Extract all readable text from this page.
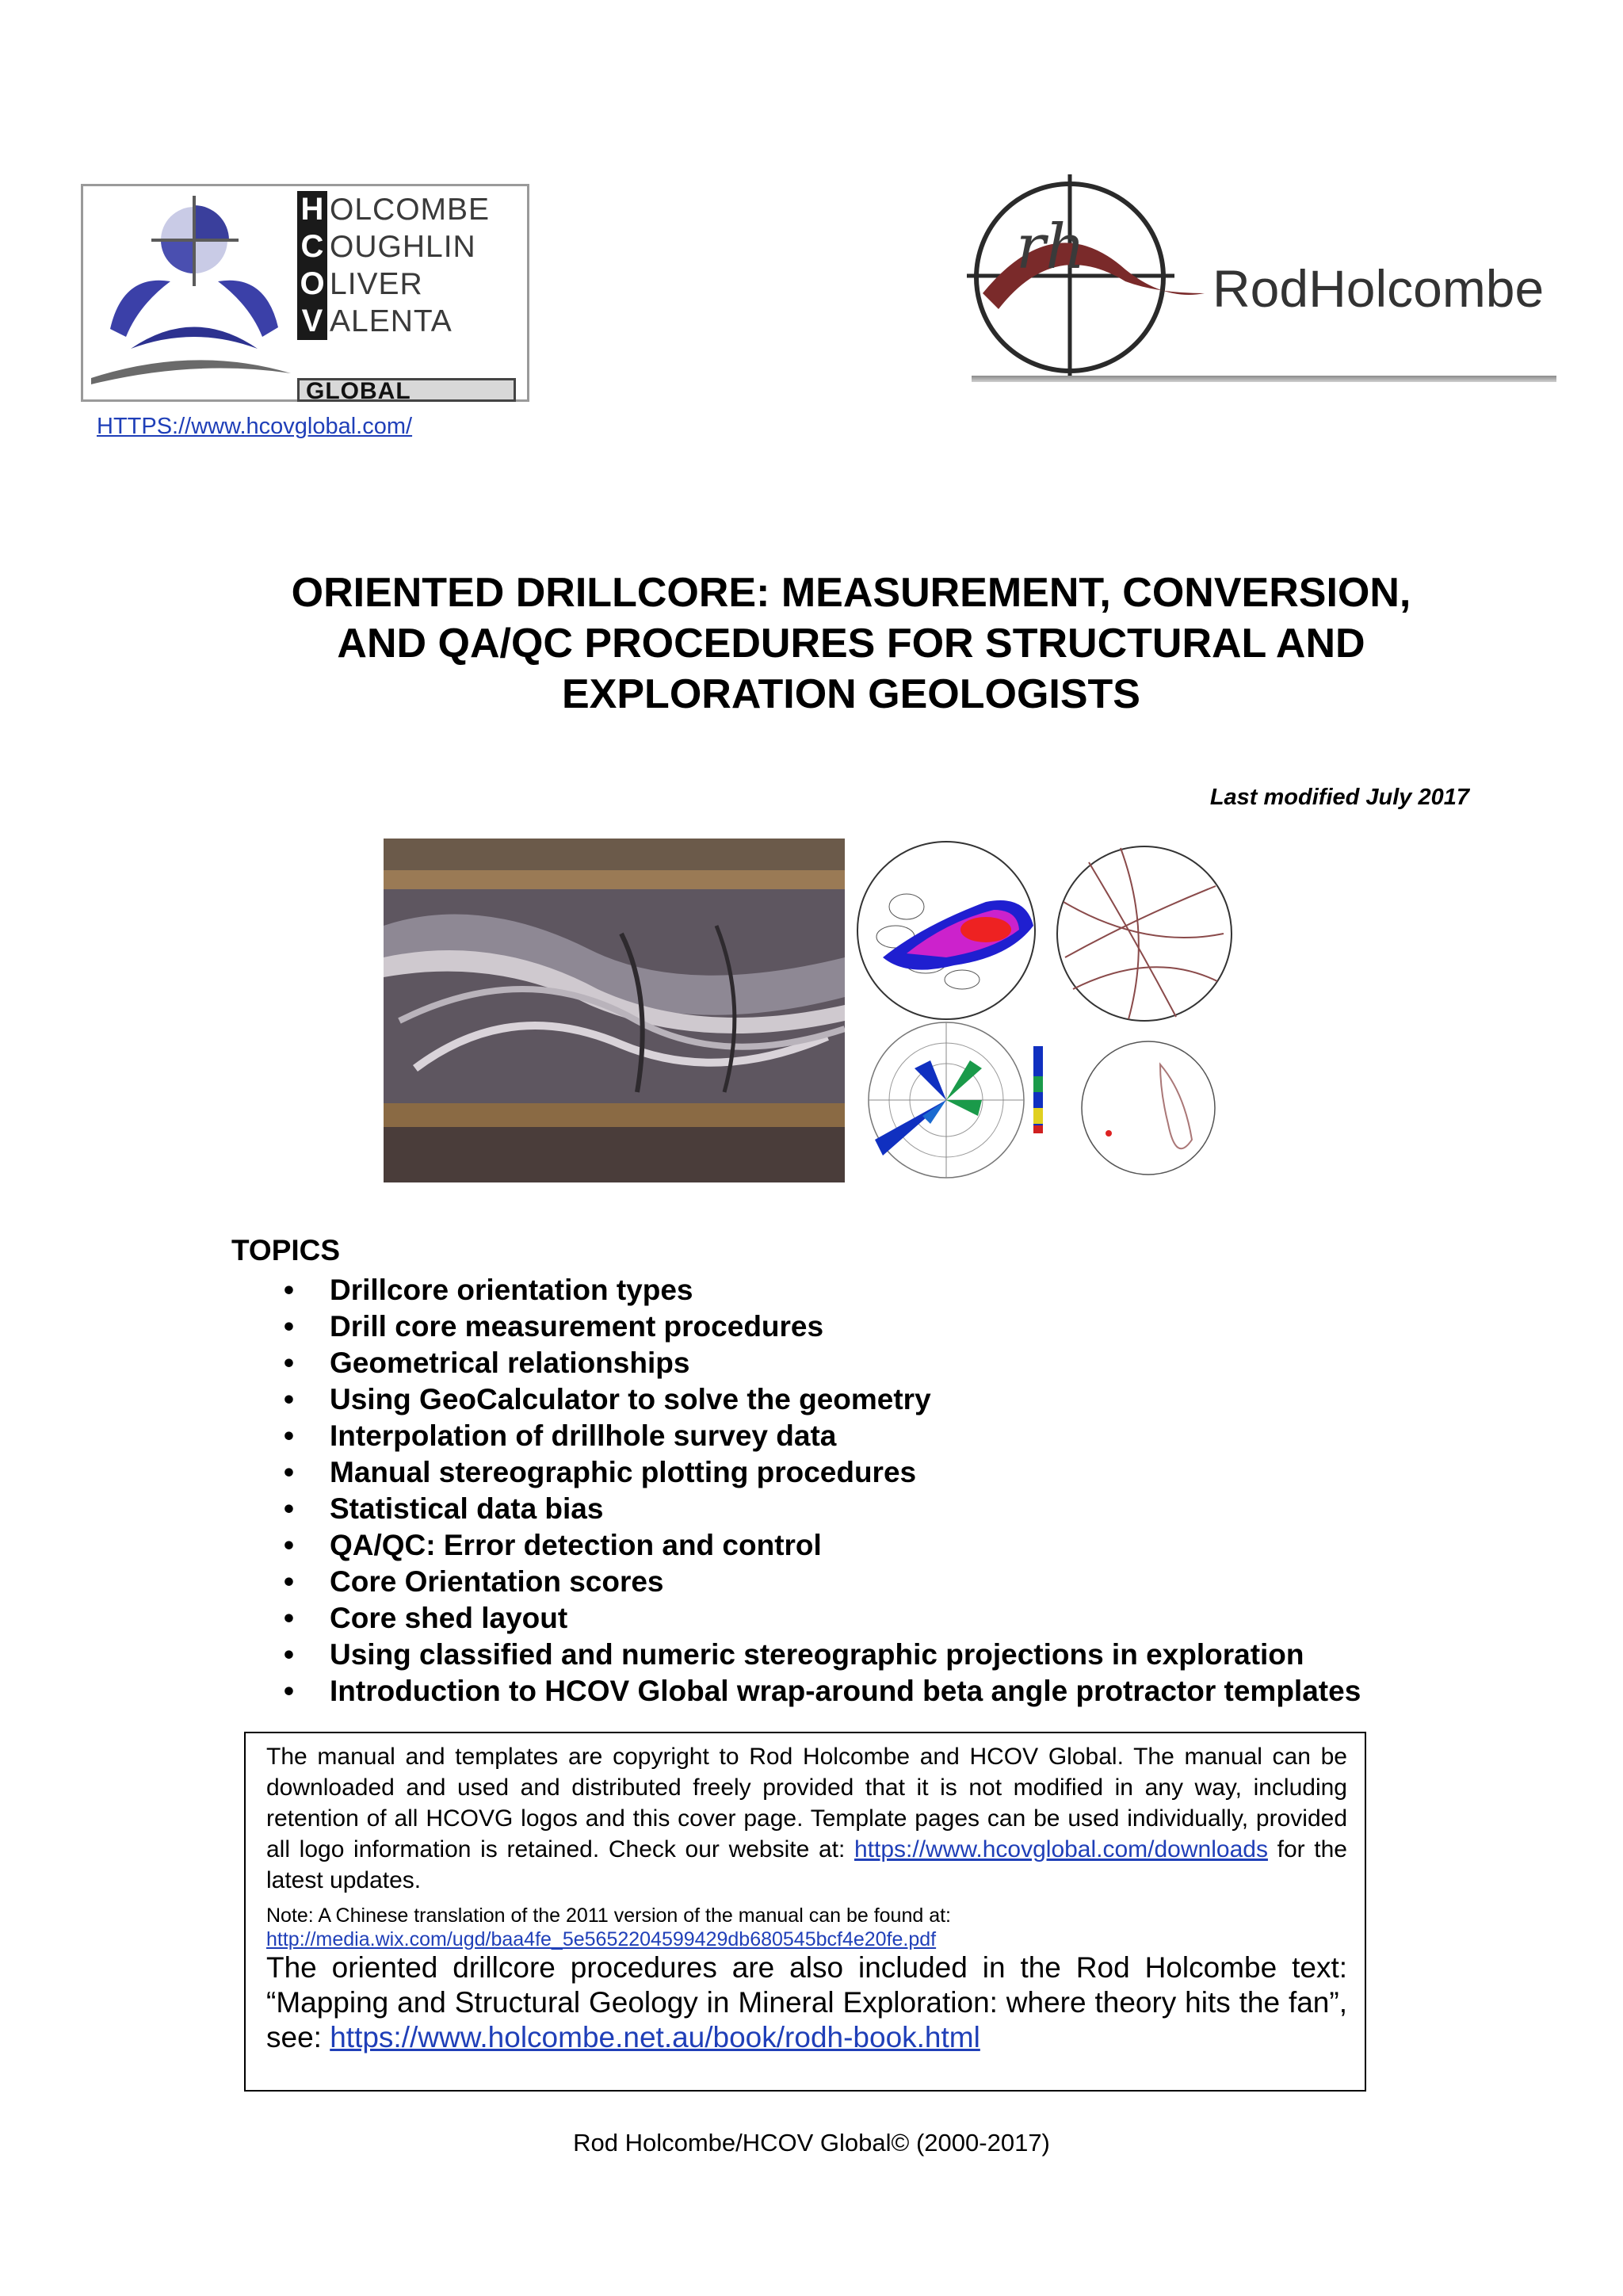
H OLCOMBE
C OUGHLIN
O LIVER
V ALENTA
GLOBAL
HTTPS://www.hcovglobal.com/
rh
RodHolcombe
ORIENTED DRILLCORE: MEASUREMENT, CONVERSION,
AND QA/QC PROCEDURES FOR STRUCTURAL AND
EXPLORATION GEOLOGISTS
Last modified July 2017
TOPICS
•	Drillcore orientation types
•	Drill core measurement procedures
•	Geometrical relationships
•	Using GeoCalculator to solve the geometry
•	Interpolation of drillhole survey data
•	Manual stereographic plotting procedures
•	Statistical data bias
•	QA/QC: Error detection and control
•	Core Orientation scores
•	Core shed layout
•	Using classified and numeric stereographic projections in exploration
•	Introduction to HCOV Global wrap-around beta angle protractor templates
The manual and templates are copyright to Rod Holcombe and HCOV Global. The manual can be downloaded and used and distributed freely provided that it is not modified in any way, including retention of all HCOVG logos and this cover page. Template pages can be used individually, provided all logo information is retained. Check our website at: https://www.hcovglobal.com/downloads for the latest updates.
Note: A Chinese translation of the 2011 version of the manual can be found at:
http://media.wix.com/ugd/baa4fe_5e5652204599429db680545bcf4e20fe.pdf
The oriented drillcore procedures are also included in the Rod Holcombe text: “Mapping and Structural Geology in Mineral Exploration: where theory hits the fan”, see: https://www.holcombe.net.au/book/rodh-book.html
Rod Holcombe/HCOV Global© (2000-2017)
